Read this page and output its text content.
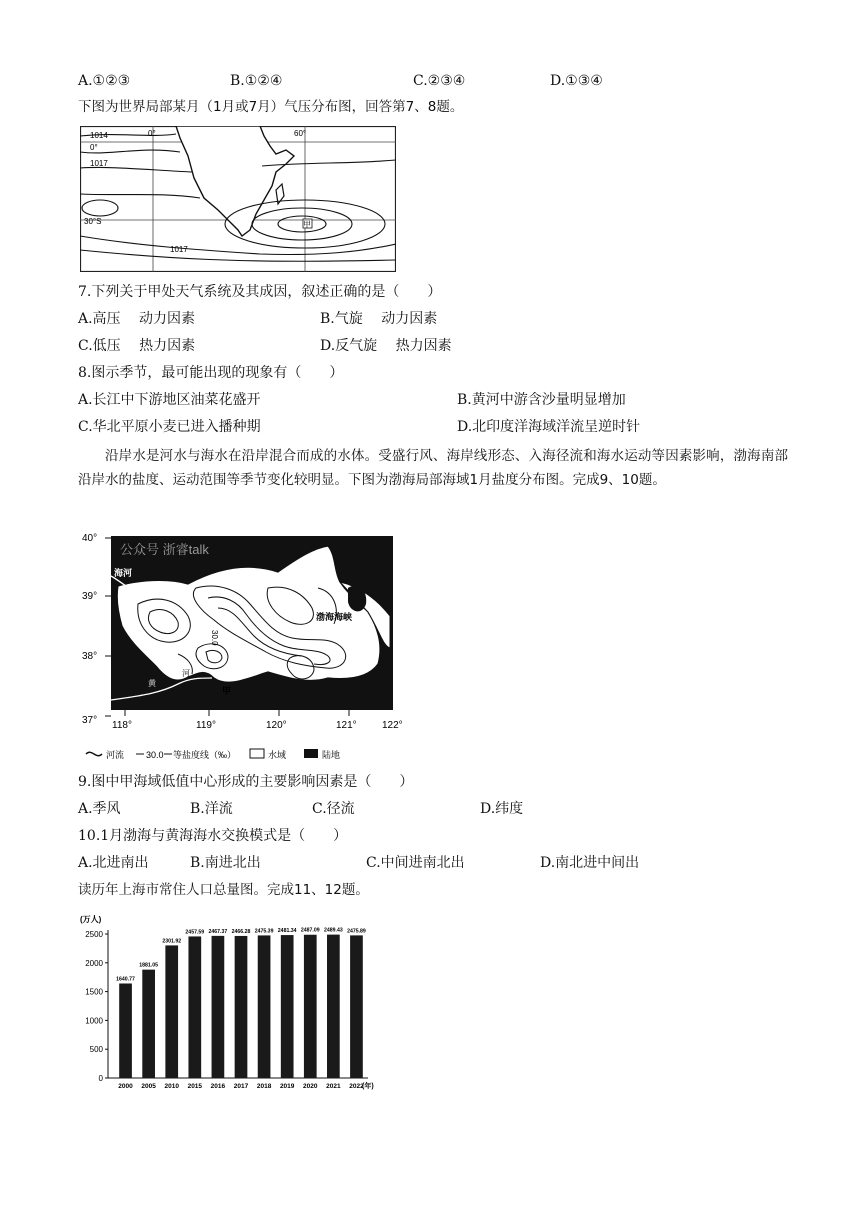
A.①②③	B.①②④	C.②③④	D.①③④
下图为世界局部某月（1月或7月）气压分布图，回答第7、8题。
1014
0°
0°	60°
1017
30°S
1017
甲
7.下列关于甲处天气系统及其成因，叙述正确的是（　　）
A.高压　 动力因素	B.气旋　 动力因素
C.低压　 热力因素	D.反气旋　 热力因素
8.图示季节，最可能出现的现象有（　　）
A.长江中下游地区油菜花盛开	B.黄河中游含沙量明显增加
C.华北平原小麦已进入播种期	D.北印度洋海域洋流呈逆时针
沿岸水是河水与海水在沿岸混合而成的水体。受盛行风、海岸线形态、入海径流和海水运动等因素影响，渤海南部沿岸水的盐度、运动范围等季节变化较明显。下图为渤海局部海域1月盐度分布图。完成9、10题。
公众号 浙睿talk
40°
39°
38°
37° 118°	119°	120°	121°	122°
海河
30.0
渤海海峡
黄
河
甲
河流 30.0 等盐度线（‰）	水域	陆地
9.图中甲海域低值中心形成的主要影响因素是（　　）
A.季风	B.洋流	C.径流	D.纬度
10.1月渤海与黄海海水交换模式是（　　）
A.北进南出	B.南进北出	C.中间进南北出	D.南北进中间出
读历年上海市常住人口总量图。完成11、12题。
(万人)
(年)
0
500
1000
1500
2000
2500
1640.77
2000
1881.05
2005
2301.92
2010
2457.59
2015
2467.37
2016
2466.28
2017
2475.39
2018
2481.34
2019
2487.09
2020
2489.43
2021
2475.89
2022
